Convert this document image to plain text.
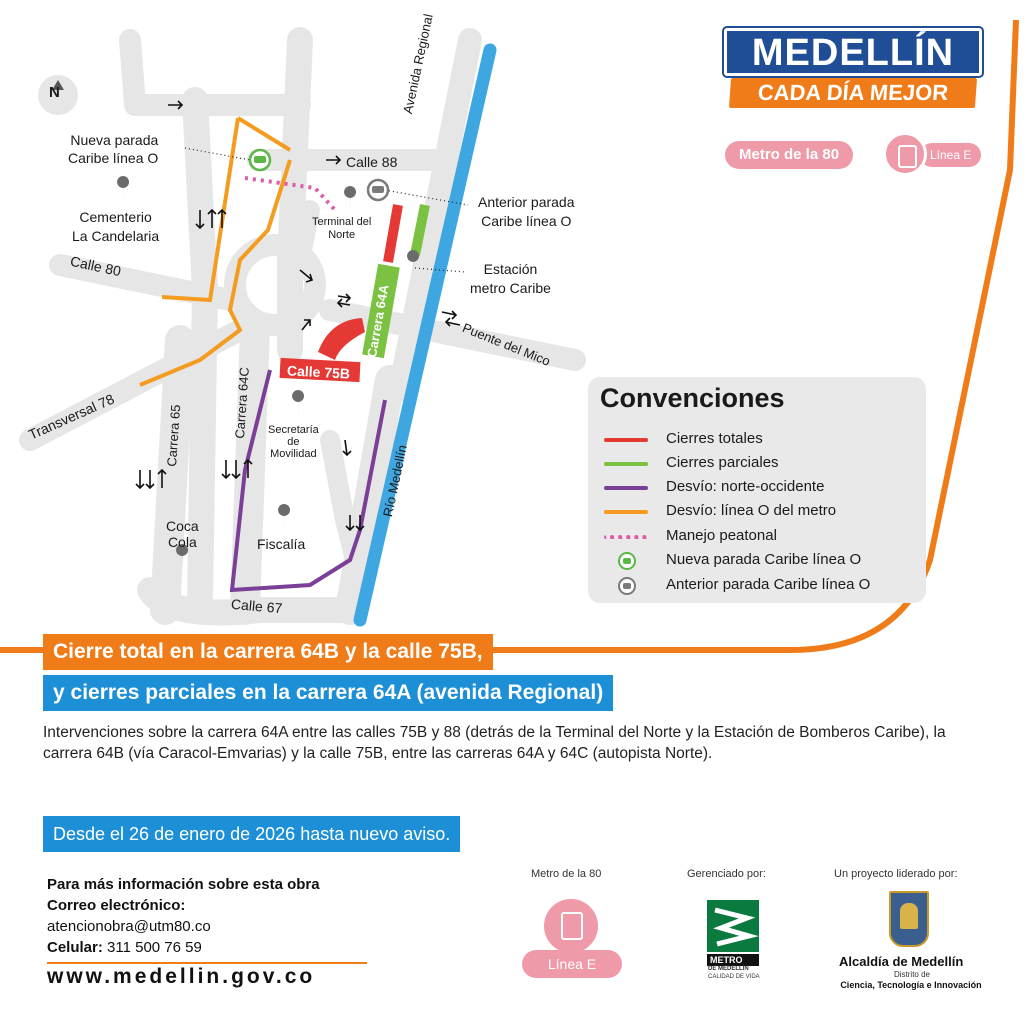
N
Nueva parada
Caribe línea O
Cementerio
La Candelaria
Calle 88
Avenida Regional
Terminal del
Norte
Anterior parada
Caribe línea O
Estación
metro Caribe
Calle 80
Transversal 78	Carrera 65	Carrera 64C
Carrera 64A
Calle 75B
Puente del Mico
Río Medellín
Secretaría
de
Movilidad
Coca
Cola	Fiscalía
Calle 67
MEDELLÍN
CADA DÍA MEJOR
Metro de la 80	Línea E
Convenciones
Cierres totales
Cierres parciales
Desvío: norte-occidente
Desvío: línea O del metro
Manejo peatonal
Nueva parada Caribe línea O
Anterior parada Caribe línea O
Cierre total en la carrera 64B y la calle 75B,
y cierres parciales en la carrera 64A (avenida Regional)
Intervenciones sobre la carrera 64A entre las calles 75B y 88 (detrás de la Terminal del Norte y la Estación de Bomberos Caribe), la carrera 64B (vía Caracol-Emvarias) y la calle 75B, entre las carreras 64A y 64C (autopista Norte).
Desde el 26 de enero de 2026 hasta nuevo aviso.
Para más información sobre esta obra
Correo electrónico:
atencionobra@utm80.co
Celular: 311 500 76 59
www.medellin.gov.co
Metro de la 80
Línea E
Gerenciado por:
METRO
DE MEDELLÍN
CALIDAD DE VIDA
Un proyecto liderado por:
Alcaldía de Medellín
Distrito de
Ciencia, Tecnología e Innovación
